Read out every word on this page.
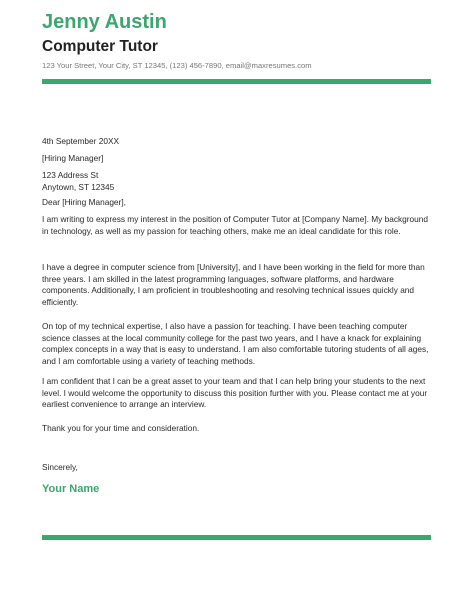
Jenny Austin
Computer Tutor
123 Your Street, Your City, ST 12345, (123) 456-7890, email@maxresumes.com
4th September 20XX
[Hiring Manager]

123 Address St

Anytown, ST 12345

Dear [Hiring Manager],
I am writing to express my interest in the position of Computer Tutor at [Company Name]. My background in technology, as well as my passion for teaching others, make me an ideal candidate for this role.
I have a degree in computer science from [University], and I have been working in the field for more than three years. I am skilled in the latest programming languages, software platforms, and hardware components. Additionally, I am proficient in troubleshooting and resolving technical issues quickly and efficiently.
On top of my technical expertise, I also have a passion for teaching. I have been teaching computer science classes at the local community college for the past two years, and I have a knack for explaining complex concepts in a way that is easy to understand. I am also comfortable tutoring students of all ages, and I am comfortable using a variety of teaching methods.
I am confident that I can be a great asset to your team and that I can help bring your students to the next level. I would welcome the opportunity to discuss this position further with you. Please contact me at your earliest convenience to arrange an interview.
Thank you for your time and consideration.
Sincerely,
Your Name
